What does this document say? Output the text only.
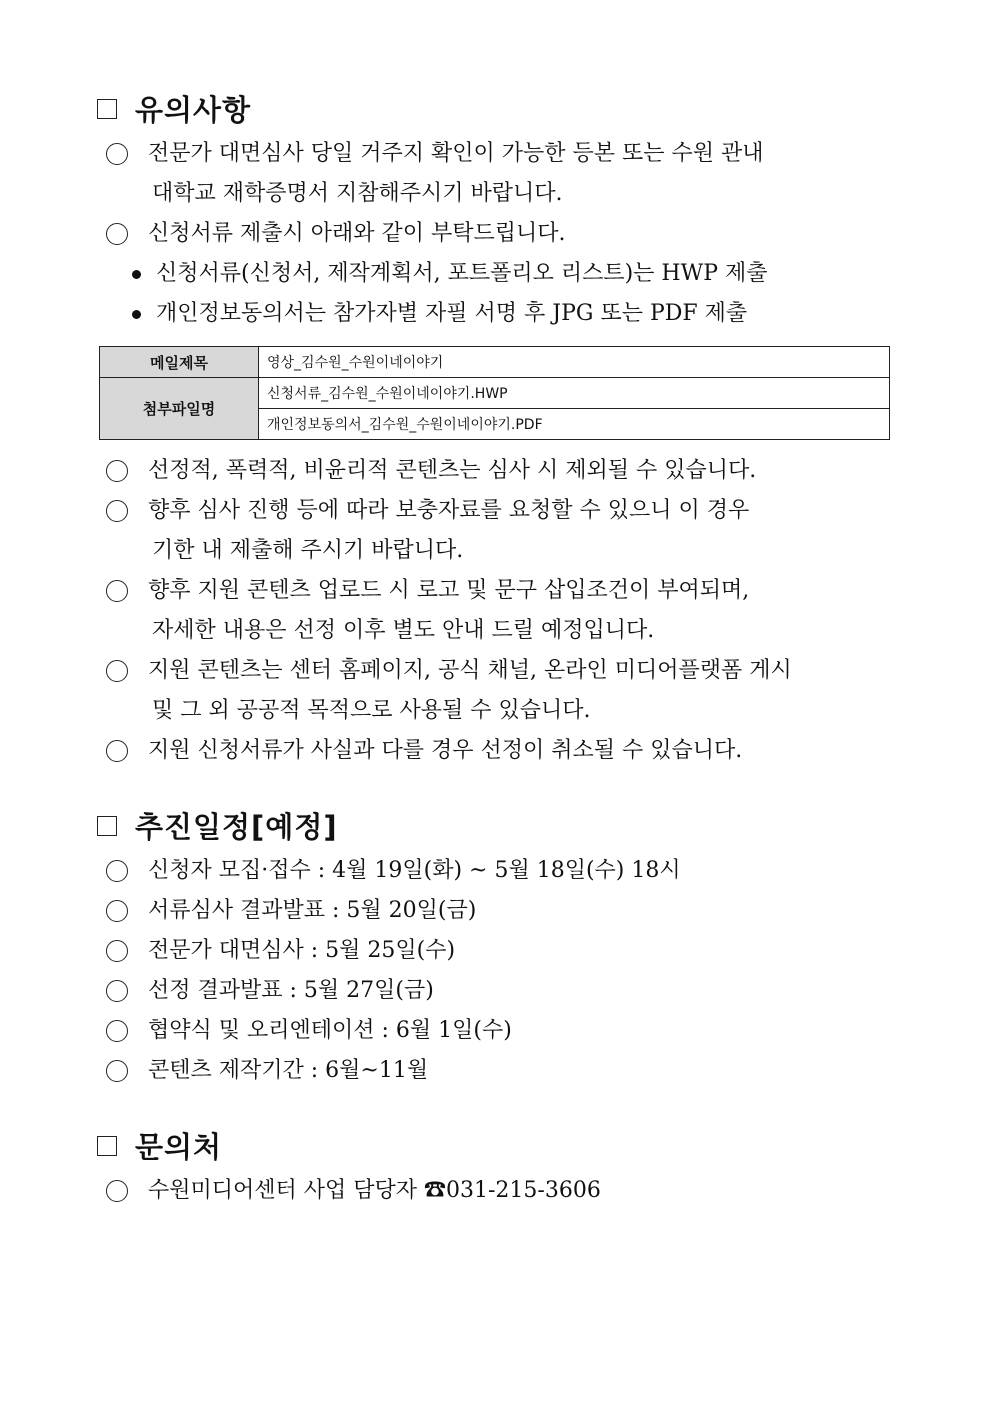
유의사항
전문가 대면심사 당일 거주지 확인이 가능한 등본 또는 수원 관내
대학교 재학증명서 지참해주시기 바랍니다.
신청서류 제출시 아래와 같이 부탁드립니다.
신청서류(신청서, 제작계획서, 포트폴리오 리스트)는 HWP 제출
개인정보동의서는 참가자별 자필 서명 후 JPG 또는 PDF 제출
메일제목	영상_김수원_수원이네이야기
첨부파일명	신청서류_김수원_수원이네이야기.HWP
	개인정보동의서_김수원_수원이네이야기.PDF
선정적, 폭력적, 비윤리적 콘텐츠는 심사 시 제외될 수 있습니다.
향후 심사 진행 등에 따라 보충자료를 요청할 수 있으니 이 경우
기한 내 제출해 주시기 바랍니다.
향후 지원 콘텐츠 업로드 시 로고 및 문구 삽입조건이 부여되며,
자세한 내용은 선정 이후 별도 안내 드릴 예정입니다.
지원 콘텐츠는 센터 홈페이지, 공식 채널, 온라인 미디어플랫폼 게시
및 그 외 공공적 목적으로 사용될 수 있습니다.
지원 신청서류가 사실과 다를 경우 선정이 취소될 수 있습니다.
추진일정[예정]
신청자 모집·접수 : 4월 19일(화) ~ 5월 18일(수) 18시
서류심사 결과발표 : 5월 20일(금)
전문가 대면심사 : 5월 25일(수)
선정 결과발표 : 5월 27일(금)
협약식 및 오리엔테이션 : 6월 1일(수)
콘텐츠 제작기간 : 6월~11월
문의처
수원미디어센터 사업 담당자 ☎031-215-3606
